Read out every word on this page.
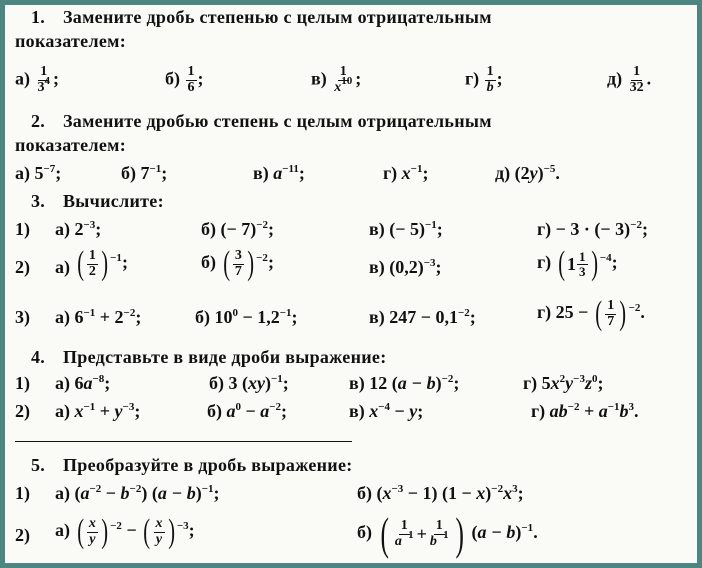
1. Замените дробь степенью с целым отрицательным
показателем:
$а) \frac{1}{3^4}$ ;	$б) \frac{1}{6}$ ;	$в) \frac{1}{x^{10}}$ ;	$г) \frac{1}{b}$ ;	$д) \frac{1}{32}$ .
2. Замените дробью степень с целым отрицательным
показателем:
а) $5^{-7}$;	б) $7^{-1}$;	в) $a^{-11}$;	г) $x^{-1}$;	д) $(2y)^{-5}$.
3. Вычислите:
1) а) $2^{-3}$;	б) (− 7)$^{-2}$;	в) (− 5)$^{-1}$;	г) − 3 · (− 3)$^{-2}$;
2) а) ( 1
2 ) $^{-1}$;	б) ( 3
7 ) $^{-2}$;	в) $(0,2)^{-3}$;	г) ( 1 1
3 ) $^{-4}$;
3) а) $6^{-1} + 2^{-2}$;	б) $10^0 - 1,2^{-1}$;	в) $247 - 0,1^{-2}$;	г) 25 − ( 1
7 ) $^{-2}$.
4. Представьте в виде дроби выражение:
1) а) $6a^{-8}$;	б) 3 (xy)$^{-1}$;	в) 12 $(a - b)^{-2}$;	г) $5x^2y^{-3}z^0$;
2) а) $x^{-1} + y^{-3}$;	б) $a^0 - a^{-2}$;	в) $x^{-4} - y$;	г) $ab^{-2} + a^{-1}b^3$.
5. Преобразуйте в дробь выражение:
1) а) $(a^{-2} - b^{-2}) (a - b)^{-1}$;	б) $(x^{-3} - 1) (1 - x)^{-2}x^3$;
2) а) ( x
y ) $^{-2}$ − ( x
y ) $^{-3}$;	б) ( 1
$a^{-1} + \frac{1}{b^{-1}}$ ) $(a - b)^{-1}$.
